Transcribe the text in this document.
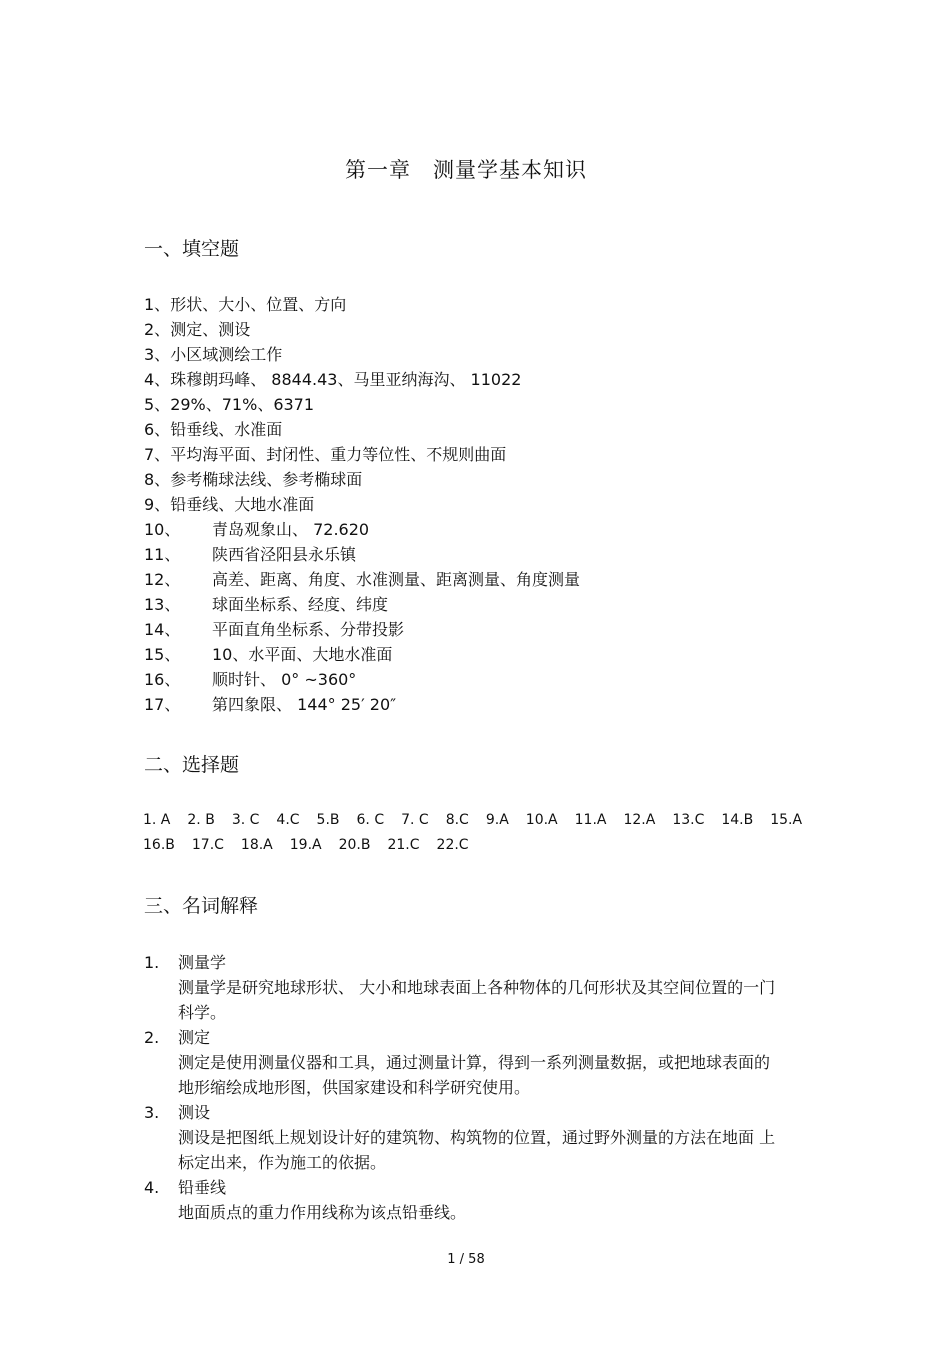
第一章 测量学基本知识
一、填空题
1、形状、大小、位置、方向
2、测定、测设
3、小区域测绘工作
4、珠穆朗玛峰、 8844.43、马里亚纳海沟、 11022
5、29%、71%、6371
6、铅垂线、水准面
7、平均海平面、封闭性、重力等位性、不规则曲面
8、参考椭球法线、参考椭球面
9、铅垂线、大地水准面
10、 青岛观象山、 72.620
11、 陕西省泾阳县永乐镇
12、 高差、距离、角度、水准测量、距离测量、角度测量
13、 球面坐标系、经度、纬度
14、 平面直角坐标系、分带投影
15、 10、水平面、大地水准面
16、 顺时针、 0° ~360°
17、 第四象限、 144° 25′ 20″
二、选择题
1. A 2. B 3. C 4.C 5.B 6. C 7. C 8.C 9.A 10.A 11.A 12.A 13.C 14.B 15.A
16.B 17.C 18.A 19.A 20.B 21.C 22.C
三、名词解释
1. 测量学
测量学是研究地球形状、 大小和地球表面上各种物体的几何形状及其空间位置的一门科学。
2. 测定
测定是使用测量仪器和工具，通过测量计算，得到一系列测量数据，或把地球表面的地形缩绘成地形图，供国家建设和科学研究使用。
3. 测设
测设是把图纸上规划设计好的建筑物、构筑物的位置，通过野外测量的方法在地面 上标定出来，作为施工的依据。
4. 铅垂线
地面质点的重力作用线称为该点铅垂线。
1 / 58
